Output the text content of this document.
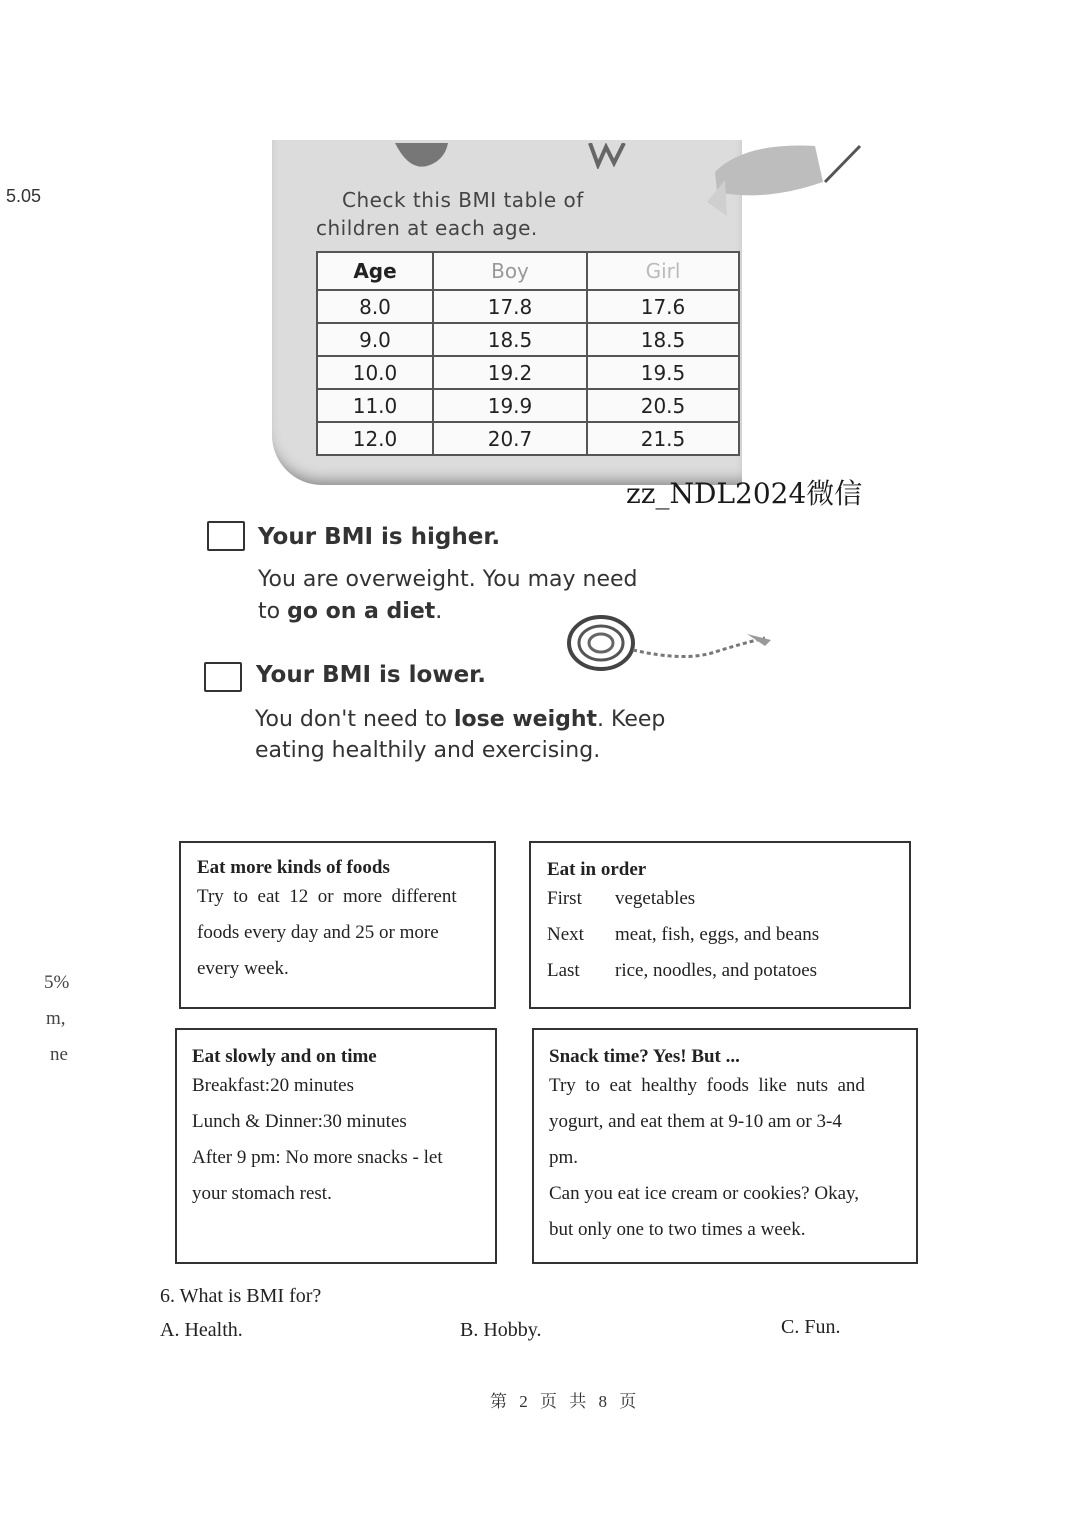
5.05
5%
m,
ne
Check this BMI table of
children at each age.
Age	Boy	Girl
8.0	17.8	17.6
9.0	18.5	18.5
10.0	19.2	19.5
11.0	19.9	20.5
12.0	20.7	21.5
zz_NDL2024微信
Your BMI is higher.
You are overweight. You may need
to go on a diet.
Your BMI is lower.
You don't need to lose weight. Keep
eating healthily and exercising.
Eat more kinds of foods
Try  to  eat  12  or  more  different
foods every day and 25 or more
every week.
Eat in order
First	vegetables
Next	meat, fish, eggs, and beans
Last	rice, noodles, and potatoes
Eat slowly and on time
Breakfast:20 minutes
Lunch & Dinner:30 minutes
After 9 pm: No more snacks - let
your stomach rest.
Snack time? Yes! But ...
Try  to  eat  healthy  foods  like  nuts  and
yogurt, and eat them at 9-10 am or 3-4
pm.
Can you eat ice cream or cookies? Okay,
but only one to two times a week.
6. What is BMI for?
A. Health.	B. Hobby.	C. Fun.
第 2 页 共 8 页
